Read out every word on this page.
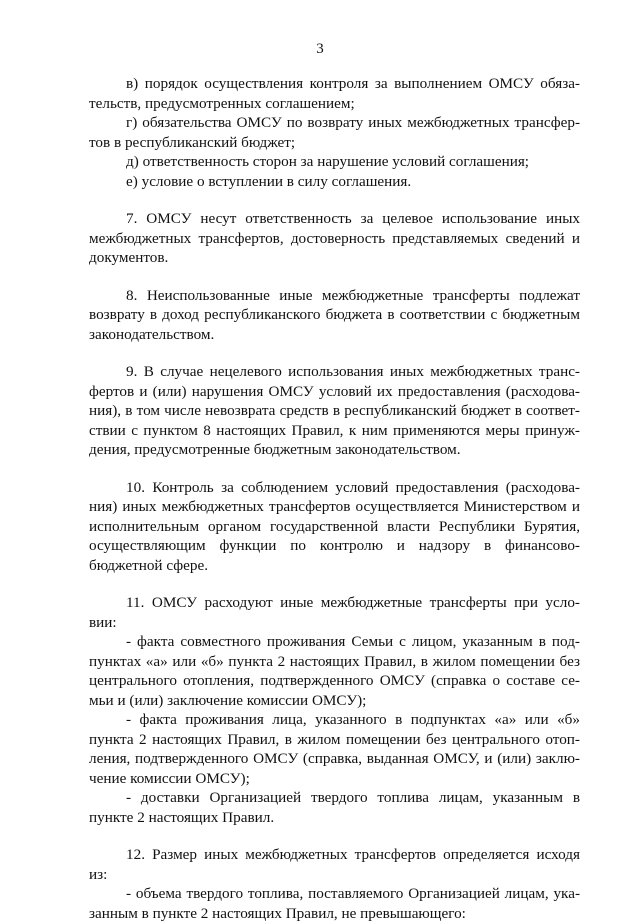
3
в) порядок осуществления контроля за выполнением ОМСУ обяза-
тельств, предусмотренных соглашением;
г) обязательства ОМСУ по возврату иных межбюджетных трансфер-
тов в республиканский бюджет;
д) ответственность сторон за нарушение условий соглашения;
е) условие о вступлении в силу соглашения.
7. ОМСУ несут ответственность за целевое использование иных
межбюджетных трансфертов, достоверность представляемых сведений и
документов.
8. Неиспользованные иные межбюджетные трансферты подлежат
возврату в доход республиканского бюджета в соответствии с бюджетным
законодательством.
9. В случае нецелевого использования иных межбюджетных транс-
фертов и (или) нарушения ОМСУ условий их предоставления (расходова-
ния), в том числе невозврата средств в республиканский бюджет в соответ-
ствии с пунктом 8 настоящих Правил, к ним применяются меры принуж-
дения, предусмотренные бюджетным законодательством.
10. Контроль за соблюдением условий предоставления (расходова-
ния) иных межбюджетных трансфертов осуществляется Министерством и
исполнительным органом государственной власти Республики Бурятия,
осуществляющим функции по контролю и надзору в финансово-
бюджетной сфере.
11. ОМСУ расходуют иные межбюджетные трансферты при усло-
вии:
- факта совместного проживания Семьи с лицом, указанным в под-
пунктах «а» или «б» пункта 2 настоящих Правил, в жилом помещении без
центрального отопления, подтвержденного ОМСУ (справка о составе се-
мьи и (или) заключение комиссии ОМСУ);
- факта проживания лица, указанного в подпунктах «а» или «б»
пункта 2 настоящих Правил, в жилом помещении без центрального отоп-
ления, подтвержденного ОМСУ (справка, выданная ОМСУ, и (или) заклю-
чение комиссии ОМСУ);
- доставки Организацией твердого топлива лицам, указанным в
пункте 2 настоящих Правил.
12. Размер иных межбюджетных трансфертов определяется исходя
из:
- объема твердого топлива, поставляемого Организацией лицам, ука-
занным в пункте 2 настоящих Правил, не превышающего:
